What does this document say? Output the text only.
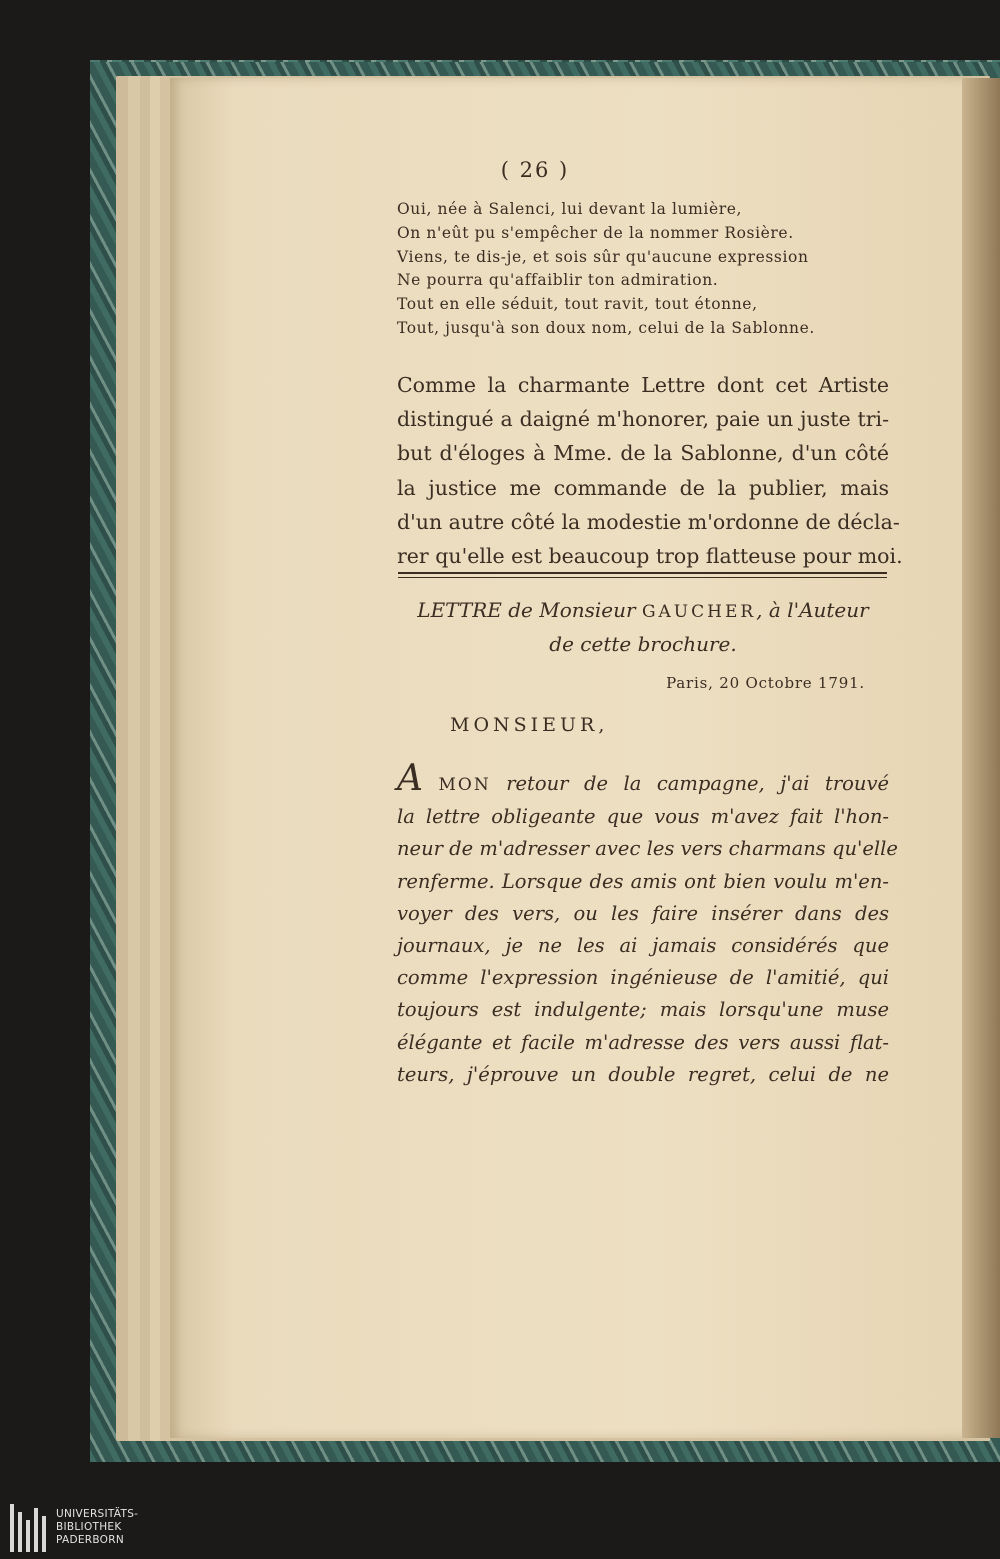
( 26 )
Oui, née à Salenci, lui devant la lumière,
On n'eût pu s'empêcher de la nommer Rosière.
Viens, te dis-je, et sois sûr qu'aucune expression
Ne pourra qu'affaiblir ton admiration.
Tout en elle séduit, tout ravit, tout étonne,
Tout, jusqu'à son doux nom, celui de la Sablonne.
Comme la charmante Lettre dont cet Artiste
distingué a daigné m'honorer, paie un juste tri-
but d'éloges à Mme. de la Sablonne, d'un côté
la justice me commande de la publier, mais
d'un autre côté la modestie m'ordonne de décla-
rer qu'elle est beaucoup trop flatteuse pour moi.
LETTRE de Monsieur GAUCHER, à l'Auteur
de cette brochure.
Paris, 20 Octobre 1791.
MONSIEUR,
A MON retour de la campagne, j'ai trouvé
la lettre obligeante que vous m'avez fait l'hon-
neur de m'adresser avec les vers charmans qu'elle
renferme. Lorsque des amis ont bien voulu m'en-
voyer des vers, ou les faire insérer dans des
journaux, je ne les ai jamais considérés que
comme l'expression ingénieuse de l'amitié, qui
toujours est indulgente; mais lorsqu'une muse
élégante et facile m'adresse des vers aussi flat-
teurs, j'éprouve un double regret, celui de ne
UNIVERSITÄTS-
BIBLIOTHEK
PADERBORN
